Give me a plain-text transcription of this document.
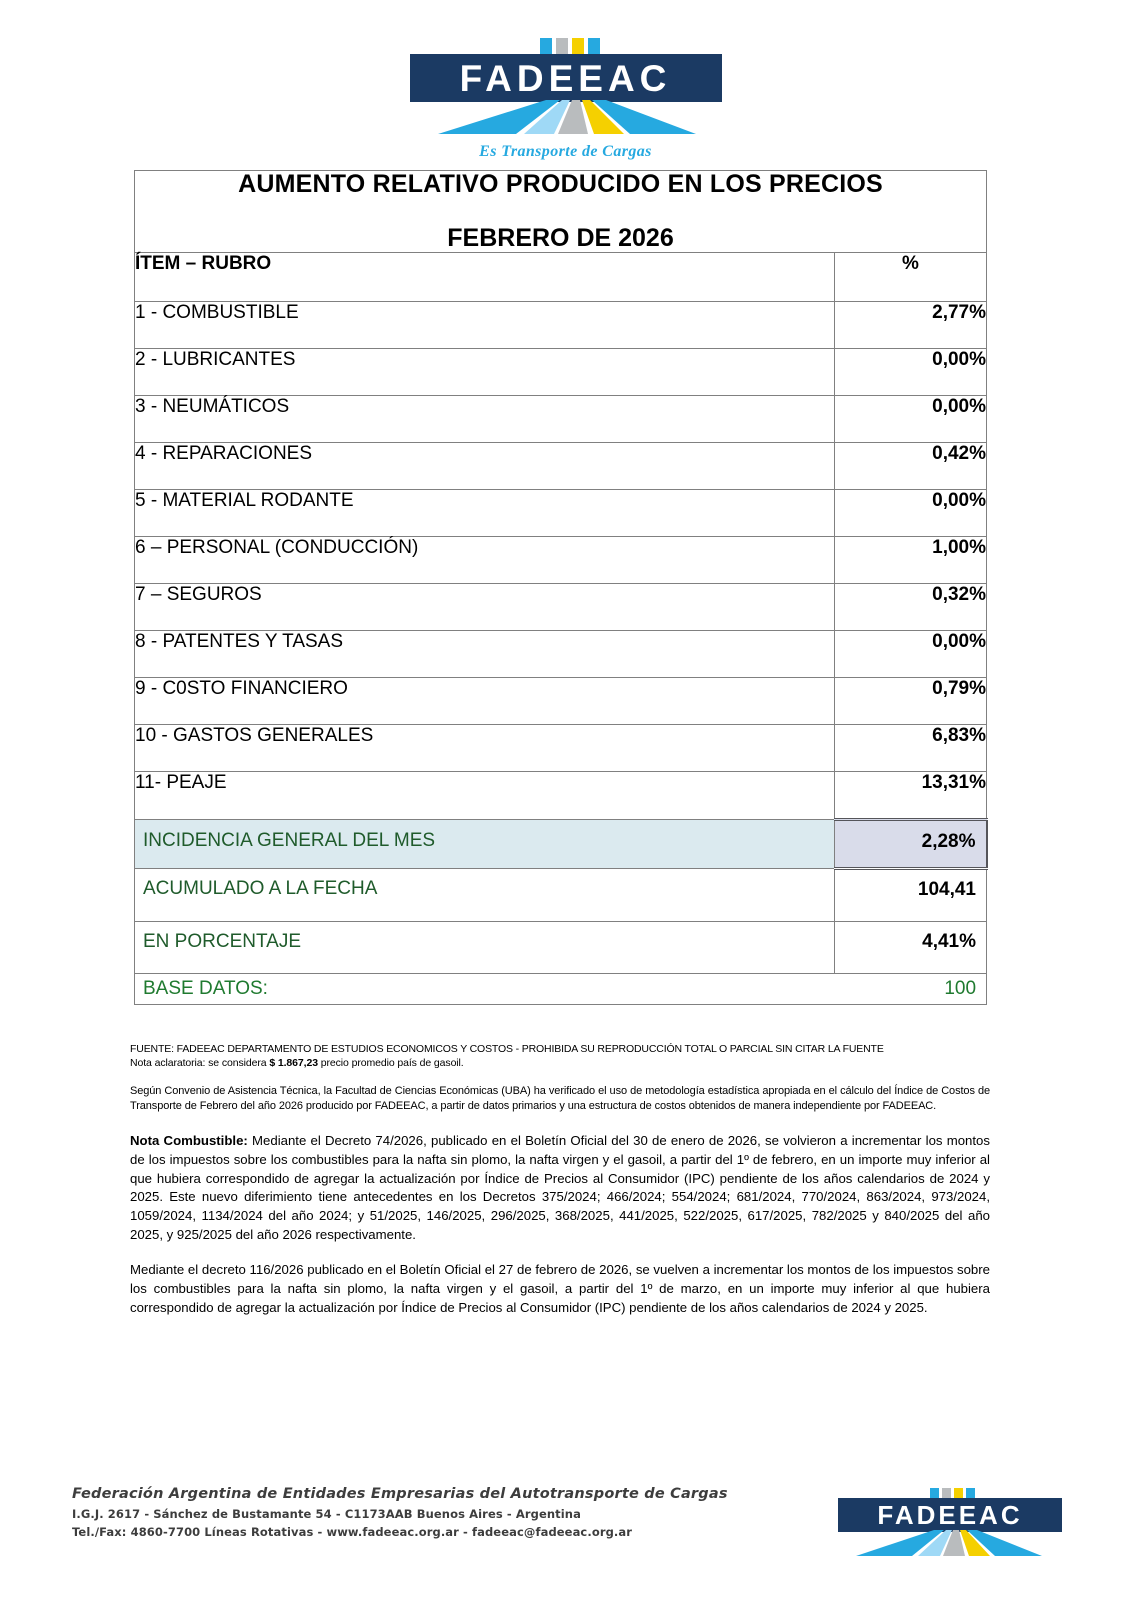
FADEEAC
Es Transporte de Cargas
AUMENTO RELATIVO PRODUCIDO EN LOS PRECIOS
FEBRERO DE 2026	

ÍTEM – RUBRO	%
1 - COMBUSTIBLE	2,77%
2 - LUBRICANTES	0,00%
3 - NEUMÁTICOS	0,00%
4 - REPARACIONES	0,42%
5 - MATERIAL RODANTE	0,00%
6 – PERSONAL (CONDUCCIÓN)	1,00%
7 – SEGUROS	0,32%
8 - PATENTES Y TASAS	0,00%
9 - C0STO FINANCIERO	0,79%
10 - GASTOS GENERALES	6,83%
11- PEAJE	13,31%
INCIDENCIA GENERAL DEL MES	2,28%
ACUMULADO A LA FECHA	104,41
EN PORCENTAJE	4,41%
BASE DATOS:	100
FUENTE: FADEEAC DEPARTAMENTO DE ESTUDIOS ECONOMICOS Y COSTOS - PROHIBIDA SU REPRODUCCIÓN TOTAL O PARCIAL SIN CITAR LA FUENTE
Nota aclaratoria: se considera $ 1.867,23 precio promedio país de gasoil.
Según Convenio de Asistencia Técnica, la Facultad de Ciencias Económicas (UBA) ha verificado el uso de metodología estadística apropiada en el cálculo del Índice de Costos de Transporte de Febrero del año 2026 producido por FADEEAC, a partir de datos primarios y una estructura de costos obtenidos de manera independiente por FADEEAC.
Nota Combustible: Mediante el Decreto 74/2026, publicado en el Boletín Oficial del 30 de enero de 2026, se volvieron a incrementar los montos de los impuestos sobre los combustibles para la nafta sin plomo, la nafta virgen y el gasoil, a partir del 1º de febrero, en un importe muy inferior al que hubiera correspondido de agregar la actualización por Índice de Precios al Consumidor (IPC) pendiente de los años calendarios de 2024 y 2025. Este nuevo diferimiento tiene antecedentes en los Decretos 375/2024; 466/2024; 554/2024; 681/2024, 770/2024, 863/2024, 973/2024, 1059/2024, 1134/2024 del año 2024; y 51/2025, 146/2025, 296/2025, 368/2025, 441/2025, 522/2025, 617/2025, 782/2025 y 840/2025 del año 2025, y 925/2025 del año 2026 respectivamente.
Mediante el decreto 116/2026 publicado en el Boletín Oficial el 27 de febrero de 2026, se vuelven a incrementar los montos de los impuestos sobre los combustibles para la nafta sin plomo, la nafta virgen y el gasoil, a partir del 1º de marzo, en un importe muy inferior al que hubiera correspondido de agregar la actualización por Índice de Precios al Consumidor (IPC) pendiente de los años calendarios de 2024 y 2025.
Federación Argentina de Entidades Empresarias del Autotransporte de Cargas
I.G.J. 2617 - Sánchez de Bustamante 54 - C1173AAB Buenos Aires - Argentina
Tel./Fax: 4860-7700 Líneas Rotativas - www.fadeeac.org.ar - fadeeac@fadeeac.org.ar
FADEEAC
